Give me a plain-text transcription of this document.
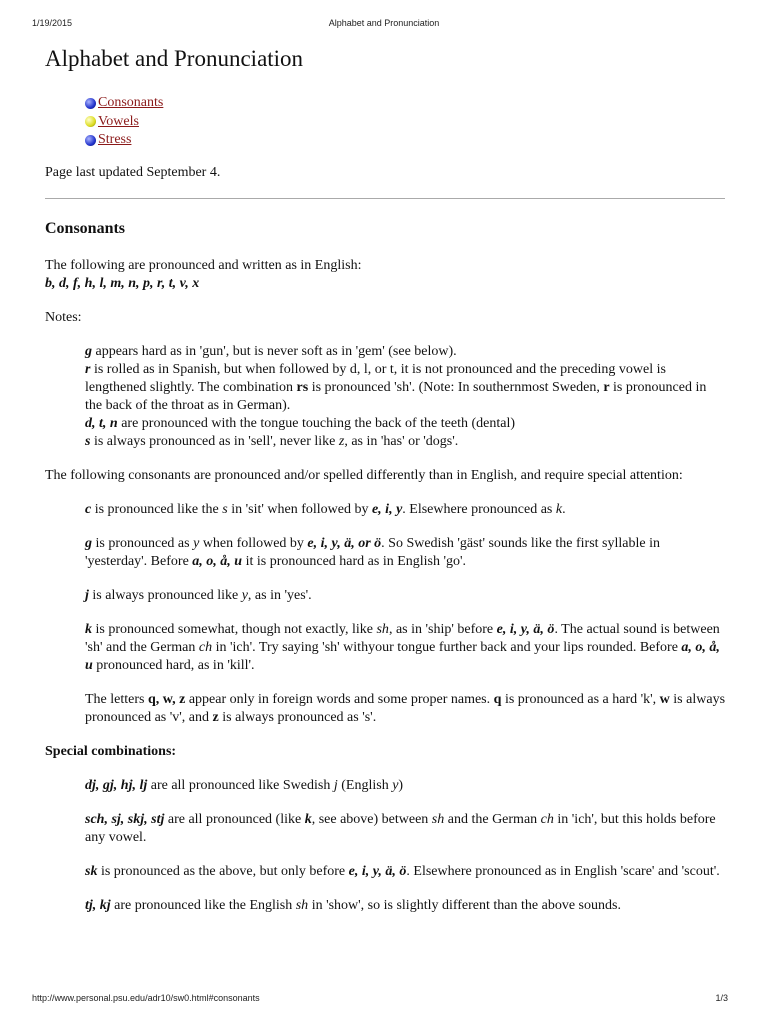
1/19/2015	Alphabet and Pronunciation
Alphabet and Pronunciation
Consonants
Vowels
Stress

Page last updated September 4.

Consonants

The following are pronounced and written as in English:
b, d, f, h, l, m, n, p, r, t, v, x

Notes:

g appears hard as in 'gun', but is never soft as in 'gem' (see below).
r is rolled as in Spanish, but when followed by d, l, or t, it is not pronounced and the preceding vowel is lengthened slightly. The combination rs is pronounced 'sh'. (Note: In southernmost Sweden, r is pronounced in the back of the throat as in German).
d, t, n are pronounced with the tongue touching the back of the teeth (dental)
s is always pronounced as in 'sell', never like z, as in 'has' or 'dogs'.

The following consonants are pronounced and/or spelled differently than in English, and require special attention:

c is pronounced like the s in 'sit' when followed by e, i, y. Elsewhere pronounced as k.

g is pronounced as y when followed by e, i, y, ä, or ö. So Swedish 'gäst' sounds like the first syllable in 'yesterday'. Before a, o, å, u it is pronounced hard as in English 'go'.

j is always pronounced like y, as in 'yes'.

k is pronounced somewhat, though not exactly, like sh, as in 'ship' before e, i, y, ä, ö. The actual sound is between 'sh' and the German ch in 'ich'. Try saying 'sh' withyour tongue further back and your lips rounded. Before a, o, å, u pronounced hard, as in 'kill'.

The letters q, w, z appear only in foreign words and some proper names. q is pronounced as a hard 'k', w is always pronounced as 'v', and z is always pronounced as 's'.

Special combinations:

dj, gj, hj, lj are all pronounced like Swedish j (English y)

sch, sj, skj, stj are all pronounced (like k, see above) between sh and the German ch in 'ich', but this holds before any vowel.

sk is pronounced as the above, but only before e, i, y, ä, ö. Elsewhere pronounced as in English 'scare' and 'scout'.

tj, kj are pronounced like the English sh in 'show', so is slightly different than the above sounds.

http://www.personal.psu.edu/adr10/sw0.html#consonants	1/3
